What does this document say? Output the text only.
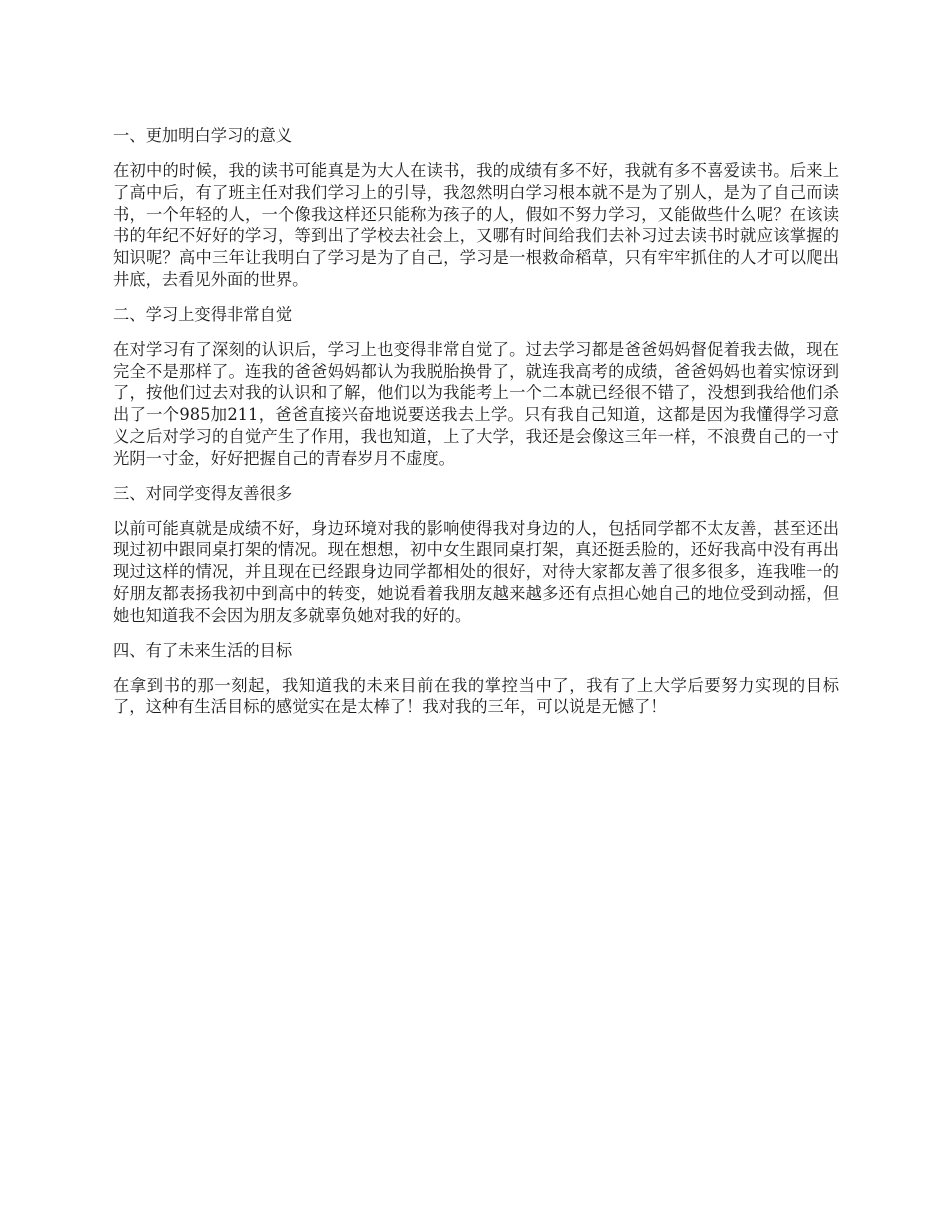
一、更加明白学习的意义

在初中的时候，我的读书可能真是为大人在读书，我的成绩有多不好，我就有多不喜爱读书。后来上了高中后，有了班主任对我们学习上的引导，我忽然明白学习根本就不是为了别人，是为了自己而读书，一个年轻的人，一个像我这样还只能称为孩子的人，假如不努力学习，又能做些什么呢？在该读书的年纪不好好的学习，等到出了学校去社会上，又哪有时间给我们去补习过去读书时就应该掌握的知识呢？高中三年让我明白了学习是为了自己，学习是一根救命稻草，只有牢牢抓住的人才可以爬出井底，去看见外面的世界。

二、学习上变得非常自觉

在对学习有了深刻的认识后，学习上也变得非常自觉了。过去学习都是爸爸妈妈督促着我去做，现在完全不是那样了。连我的爸爸妈妈都认为我脱胎换骨了，就连我高考的成绩，爸爸妈妈也着实惊讶到了，按他们过去对我的认识和了解，他们以为我能考上一个二本就已经很不错了，没想到我给他们杀出了一个985加211，爸爸直接兴奋地说要送我去上学。只有我自己知道，这都是因为我懂得学习意义之后对学习的自觉产生了作用，我也知道，上了大学，我还是会像这三年一样，不浪费自己的一寸光阴一寸金，好好把握自己的青春岁月不虚度。

三、对同学变得友善很多

以前可能真就是成绩不好，身边环境对我的影响使得我对身边的人，包括同学都不太友善，甚至还出现过初中跟同桌打架的情况。现在想想，初中女生跟同桌打架，真还挺丢脸的，还好我高中没有再出现过这样的情况，并且现在已经跟身边同学都相处的很好，对待大家都友善了很多很多，连我唯一的好朋友都表扬我初中到高中的转变，她说看着我朋友越来越多还有点担心她自己的地位受到动摇，但她也知道我不会因为朋友多就辜负她对我的好的。

四、有了未来生活的目标

在拿到书的那一刻起，我知道我的未来目前在我的掌控当中了，我有了上大学后要努力实现的目标了，这种有生活目标的感觉实在是太棒了！我对我的三年，可以说是无憾了！
